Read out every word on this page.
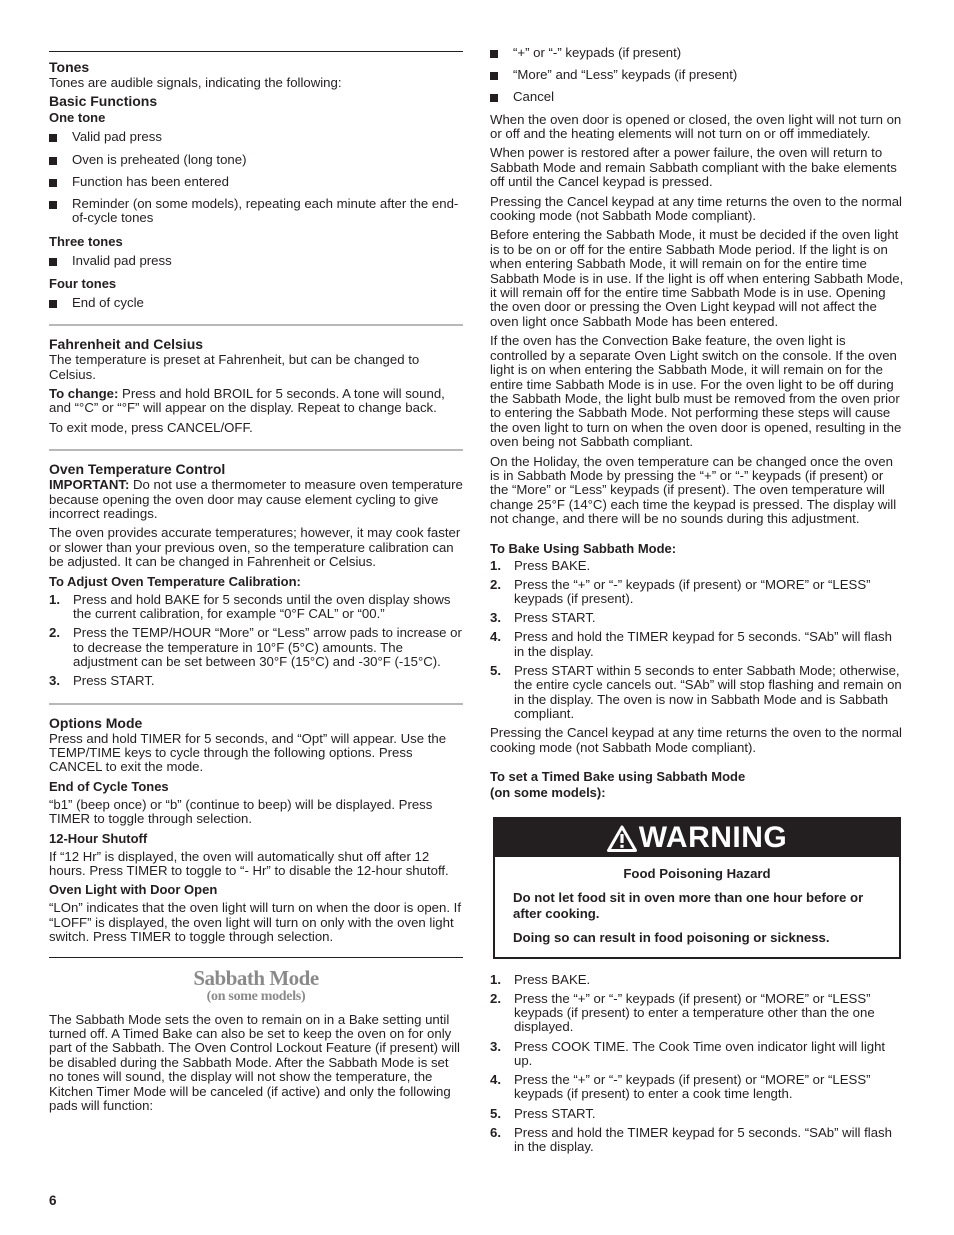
Tones

Tones are audible signals, indicating the following:

Basic Functions
One tone
Valid pad press
Oven is preheated (long tone)
Function has been entered
Reminder (on some models), repeating each minute after the end-of-cycle tones
Three tones
Invalid pad press
Four tones
End of cycle
Fahrenheit and Celsius

The temperature is preset at Fahrenheit, but can be changed to Celsius.

To change: Press and hold BROIL for 5 seconds. A tone will sound, and “°C” or “°F” will appear on the display. Repeat to change back.

To exit mode, press CANCEL/OFF.

Oven Temperature Control

IMPORTANT: Do not use a thermometer to measure oven temperature because opening the oven door may cause element cycling to give incorrect readings.

The oven provides accurate temperatures; however, it may cook faster or slower than your previous oven, so the temperature calibration can be adjusted. It can be changed in Fahrenheit or Celsius.

To Adjust Oven Temperature Calibration:
1. Press and hold BAKE for 5 seconds until the oven display shows the current calibration, for example “0°F CAL” or “00.”
2. Press the TEMP/HOUR “More” or “Less” arrow pads to increase or to decrease the temperature in 10°F (5°C) amounts. The adjustment can be set between 30°F (15°C) and -30°F (-15°C).
3. Press START.
Options Mode

Press and hold TIMER for 5 seconds, and “Opt” will appear. Use the TEMP/TIME keys to cycle through the following options. Press CANCEL to exit the mode.

End of Cycle Tones

“b1” (beep once) or “b” (continue to beep) will be displayed. Press TIMER to toggle through selection.

12-Hour Shutoff

If “12 Hr” is displayed, the oven will automatically shut off after 12 hours. Press TIMER to toggle to “- Hr” to disable the 12-hour shutoff.

Oven Light with Door Open

“LOn” indicates that the oven light will turn on when the door is open. If “LOFF” is displayed, the oven light will turn on only with the oven light switch. Press TIMER to toggle through selection.

Sabbath Mode
(on some models)

The Sabbath Mode sets the oven to remain on in a Bake setting until turned off. A Timed Bake can also be set to keep the oven on for only part of the Sabbath. The Oven Control Lockout Feature (if present) will be disabled during the Sabbath Mode. After the Sabbath Mode is set no tones will sound, the display will not show the temperature, the Kitchen Timer Mode will be canceled (if active) and only the following pads will function:

“+” or “-” keypads (if present)
“More” and “Less” keypads (if present)
Cancel

When the oven door is opened or closed, the oven light will not turn on or off and the heating elements will not turn on or off immediately.

When power is restored after a power failure, the oven will return to Sabbath Mode and remain Sabbath compliant with the bake elements off until the Cancel keypad is pressed.

Pressing the Cancel keypad at any time returns the oven to the normal cooking mode (not Sabbath Mode compliant).

Before entering the Sabbath Mode, it must be decided if the oven light is to be on or off for the entire Sabbath Mode period. If the light is on when entering Sabbath Mode, it will remain on for the entire time Sabbath Mode is in use. If the light is off when entering Sabbath Mode, it will remain off for the entire time Sabbath Mode is in use. Opening the oven door or pressing the Oven Light keypad will not affect the oven light once Sabbath Mode has been entered.

If the oven has the Convection Bake feature, the oven light is controlled by a separate Oven Light switch on the console. If the oven light is on when entering the Sabbath Mode, it will remain on for the entire time Sabbath Mode is in use. For the oven light to be off during the Sabbath Mode, the light bulb must be removed from the oven prior to entering the Sabbath Mode. Not performing these steps will cause the oven light to turn on when the oven door is opened, resulting in the oven being not Sabbath compliant.

On the Holiday, the oven temperature can be changed once the oven is in Sabbath Mode by pressing the “+” or “-” keypads (if present) or the “More” or “Less” keypads (if present). The oven temperature will change 25°F (14°C) each time the keypad is pressed. The display will not change, and there will be no sounds during this adjustment.

To Bake Using Sabbath Mode:
1. Press BAKE.
2. Press the “+” or “-” keypads (if present) or “MORE” or “LESS” keypads (if present).
3. Press START.
4. Press and hold the TIMER keypad for 5 seconds. “SAb” will flash in the display.
5. Press START within 5 seconds to enter Sabbath Mode; otherwise, the entire cycle cancels out. “SAb” will stop flashing and remain on in the display. The oven is now in Sabbath Mode and is Sabbath compliant.

Pressing the Cancel keypad at any time returns the oven to the normal cooking mode (not Sabbath Mode compliant).

To set a Timed Bake using Sabbath Mode
(on some models):
WARNING
Food Poisoning Hazard
Do not let food sit in oven more than one hour before or after cooking.
Doing so can result in food poisoning or sickness.
1. Press BAKE.
2. Press the “+” or “-” keypads (if present) or “MORE” or “LESS” keypads (if present) to enter a temperature other than the one displayed.
3. Press COOK TIME. The Cook Time oven indicator light will light up.
4. Press the “+” or “-” keypads (if present) or “MORE” or “LESS” keypads (if present) to enter a cook time length.
5. Press START.
6. Press and hold the TIMER keypad for 5 seconds. “SAb” will flash in the display.
6
